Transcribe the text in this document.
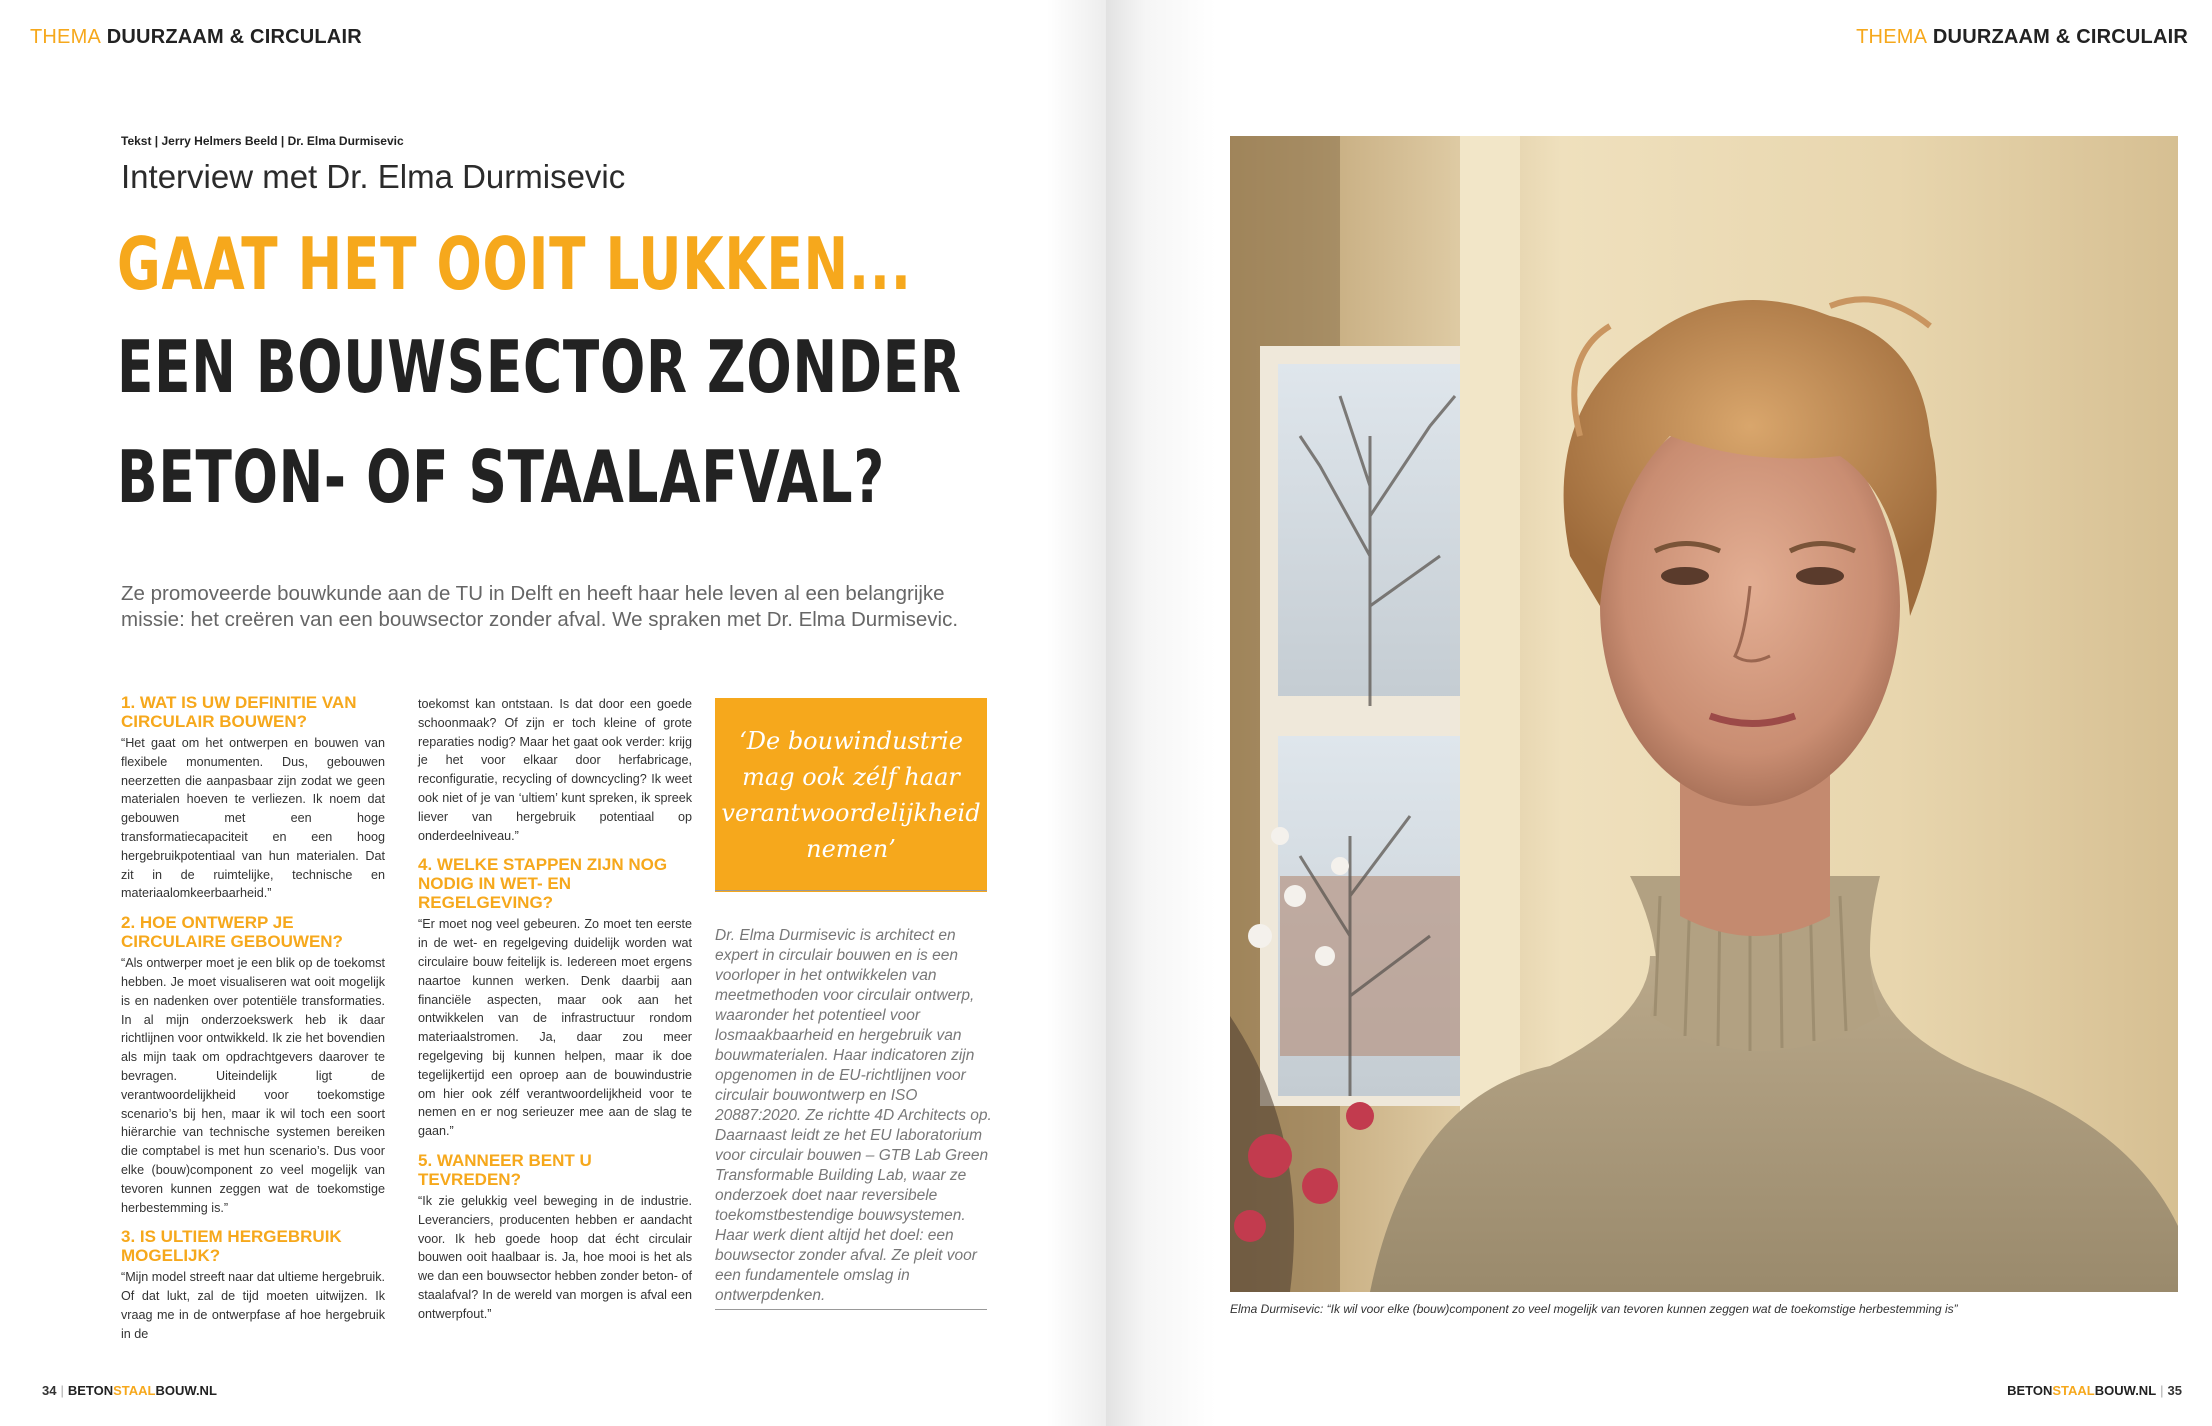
THEMA DUURZAAM & CIRCULAIR
Tekst | Jerry Helmers Beeld | Dr. Elma Durmisevic
Interview met Dr. Elma Durmisevic
GAAT HET OOIT LUKKEN...
EEN BOUWSECTOR ZONDER
BETON- OF STAALAFVAL?
Ze promoveerde bouwkunde aan de TU in Delft en heeft haar hele leven al een belangrijke missie: het creëren van een bouwsector zonder afval. We spraken met Dr. Elma Durmisevic.
1. WAT IS UW DEFINITIE VAN CIRCULAIR BOUWEN?

“Het gaat om het ontwerpen en bouwen van flexibele monumenten. Dus, gebouwen neerzetten die aanpasbaar zijn zodat we geen materialen hoeven te verliezen. Ik noem dat gebouwen met een hoge transformatiecapaciteit en een hoog hergebruikpotentiaal van hun materialen. Dat zit in de ruimtelijke, technische en materiaalomkeerbaarheid.”

2. HOE ONTWERP JE CIRCULAIRE GEBOUWEN?

“Als ontwerper moet je een blik op de toekomst hebben. Je moet visualiseren wat ooit mogelijk is en nadenken over potentiële transformaties. In al mijn onderzoekswerk heb ik daar richtlijnen voor ontwikkeld. Ik zie het bovendien als mijn taak om opdrachtgevers daarover te bevragen. Uiteindelijk ligt de verantwoordelijkheid voor toekomstige scenario’s bij hen, maar ik wil toch een soort hiërarchie van technische systemen bereiken die comptabel is met hun scenario’s. Dus voor elke (bouw)component zo veel mogelijk van tevoren kunnen zeggen wat de toekomstige herbestemming is.”

3. IS ULTIEM HERGEBRUIK MOGELIJK?

“Mijn model streeft naar dat ultieme hergebruik. Of dat lukt, zal de tijd moeten uitwijzen. Ik vraag me in de ontwerpfase af hoe hergebruik in de

toekomst kan ontstaan. Is dat door een goede schoonmaak? Of zijn er toch kleine of grote reparaties nodig? Maar het gaat ook verder: krijg je het voor elkaar door herfabricage, reconfiguratie, recycling of downcycling? Ik weet ook niet of je van ‘ultiem’ kunt spreken, ik spreek liever van hergebruik potentiaal op onderdeelniveau.”

4. WELKE STAPPEN ZIJN NOG NODIG IN WET- EN REGELGEVING?

“Er moet nog veel gebeuren. Zo moet ten eerste in de wet- en regelgeving duidelijk worden wat circulaire bouw feitelijk is. Iedereen moet ergens naartoe kunnen werken. Denk daarbij aan financiële aspecten, maar ook aan het ontwikkelen van de infrastructuur rondom materiaalstromen. Ja, daar zou meer regelgeving bij kunnen helpen, maar ik doe tegelijkertijd een oproep aan de bouwindustrie om hier ook zélf verantwoordelijkheid voor te nemen en er nog serieuzer mee aan de slag te gaan.”

5. WANNEER BENT U TEVREDEN?

“Ik zie gelukkig veel beweging in de industrie. Leveranciers, producenten hebben er aandacht voor. Ik heb goede hoop dat écht circulair bouwen ooit haalbaar is. Ja, hoe mooi is het als we dan een bouwsector hebben zonder beton- of staalafval? In de wereld van morgen is afval een ontwerpfout.”

‘De bouwindustrie mag ook zélf haar verantwoordelijkheid nemen’
Dr. Elma Durmisevic is architect en expert in circulair bouwen en is een voorloper in het ontwikkelen van meetmethoden voor circulair ontwerp, waaronder het potentieel voor losmaakbaarheid en hergebruik van bouwmaterialen. Haar indicatoren zijn opgenomen in de EU-richtlijnen voor circulair bouwontwerp en ISO 20887:2020. Ze richtte 4D Architects op. Daarnaast leidt ze het EU laboratorium voor circulair bouwen – GTB Lab Green Transformable Building Lab, waar ze onderzoek doet naar reversibele toekomstbestendige bouwsystemen. Haar werk dient altijd het doel: een bouwsector zonder afval. Ze pleit voor een fundamentele omslag in ontwerpdenken.
34 | BETONSTAALBOUW.NL
THEMA DUURZAAM & CIRCULAIR
Elma Durmisevic: “Ik wil voor elke (bouw)component zo veel mogelijk van tevoren kunnen zeggen wat de toekomstige herbestemming is”
BETONSTAALBOUW.NL | 35
